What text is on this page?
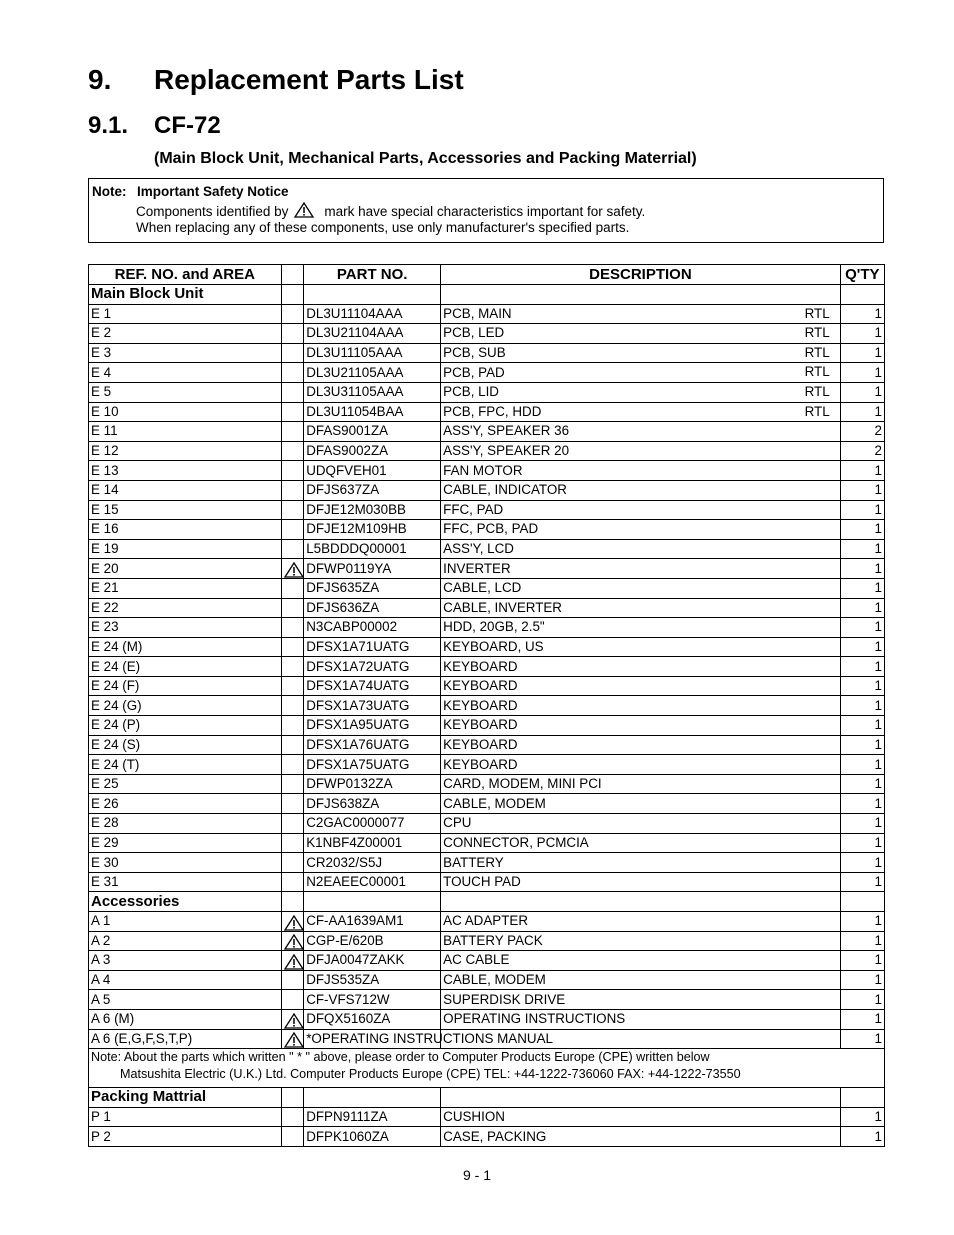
9. Replacement Parts List
9.1. CF-72
(Main Block Unit, Mechanical Parts, Accessories and Packing Materrial)
Note: Important Safety Notice
Components identified by	mark have special characteristics important for safety.
When replacing any of these components, use only manufacturer's specified parts.
REF. NO. and AREA		PART NO.	DESCRIPTION	Q'TY
Main Block Unit				
E 1		DL3U11104AAA	PCB, MAIN RTL	1
E 2		DL3U21104AAA	PCB, LED RTL	1
E 3		DL3U11105AAA	PCB, SUB RTL	1
E 4		DL3U21105AAA	PCB, PAD RTL	1
E 5		DL3U31105AAA	PCB, LID RTL	1
E 10		DL3U11054BAA	PCB, FPC, HDD RTL	1
E 11		DFAS9001ZA	ASS'Y, SPEAKER 36	2
E 12		DFAS9002ZA	ASS'Y, SPEAKER 20	2
E 13		UDQFVEH01	FAN MOTOR	1
E 14		DFJS637ZA	CABLE, INDICATOR	1
E 15		DFJE12M030BB	FFC, PAD	1
E 16		DFJE12M109HB	FFC, PCB, PAD	1
E 19		L5BDDDQ00001	ASS'Y, LCD	1
E 20		DFWP0119YA	INVERTER	1
E 21		DFJS635ZA	CABLE, LCD	1
E 22		DFJS636ZA	CABLE, INVERTER	1
E 23		N3CABP00002	HDD, 20GB, 2.5"	1
E 24 (M)		DFSX1A71UATG	KEYBOARD, US	1
E 24 (E)		DFSX1A72UATG	KEYBOARD	1
E 24 (F)		DFSX1A74UATG	KEYBOARD	1
E 24 (G)		DFSX1A73UATG	KEYBOARD	1
E 24 (P)		DFSX1A95UATG	KEYBOARD	1
E 24 (S)		DFSX1A76UATG	KEYBOARD	1
E 24 (T)		DFSX1A75UATG	KEYBOARD	1
E 25		DFWP0132ZA	CARD, MODEM, MINI PCI	1
E 26		DFJS638ZA	CABLE, MODEM	1
E 28		C2GAC0000077	CPU	1
E 29		K1NBF4Z00001	CONNECTOR, PCMCIA	1
E 30		CR2032/S5J	BATTERY	1
E 31		N2EAEEC00001	TOUCH PAD	1
Accessories				
A 1		CF-AA1639AM1	AC ADAPTER	1
A 2		CGP-E/620B	BATTERY PACK	1
A 3		DFJA0047ZAKK	AC CABLE	1
A 4		DFJS535ZA	CABLE, MODEM	1
A 5		CF-VFS712W	SUPERDISK DRIVE	1
A 6 (M)		DFQX5160ZA	OPERATING INSTRUCTIONS	1
A 6 (E,G,F,S,T,P)		*OPERATING INSTRUCTIONS MANUAL		1

Note: About the parts which written " * " above, please order to Computer Products Europe (CPE) written below
Matsushita Electric (U.K.) Ltd. Computer Products Europe (CPE) TEL: +44-1222-736060 FAX: +44-1222-73550				

Packing Mattrial				
P 1		DFPN9111ZA	CUSHION	1
P 2		DFPK1060ZA	CASE, PACKING	1
9 - 1
